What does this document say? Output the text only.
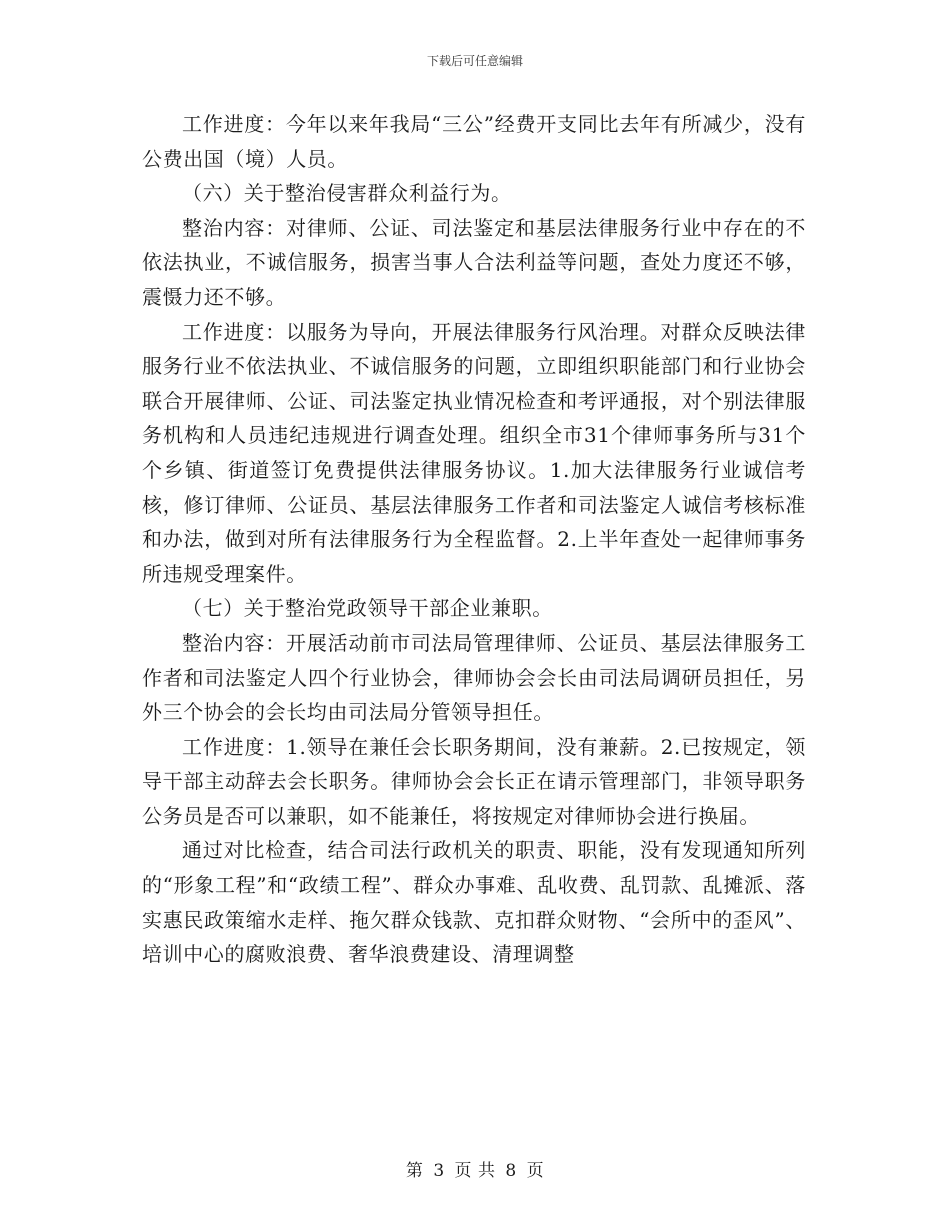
下载后可任意编辑

工作进度：今年以来年我局“三公”经费开支同比去年有所减少，没有公费出国（境）人员。

（六）关于整治侵害群众利益行为。

整治内容：对律师、公证、司法鉴定和基层法律服务行业中存在的不依法执业，不诚信服务，损害当事人合法利益等问题，查处力度还不够，震慑力还不够。

工作进度：以服务为导向，开展法律服务行风治理。对群众反映法律服务行业不依法执业、不诚信服务的问题，立即组织职能部门和行业协会联合开展律师、公证、司法鉴定执业情况检查和考评通报，对个别法律服务机构和人员违纪违规进行调查处理。组织全市31个律师事务所与31个个乡镇、街道签订免费提供法律服务协议。1.加大法律服务行业诚信考核，修订律师、公证员、基层法律服务工作者和司法鉴定人诚信考核标准和办法，做到对所有法律服务行为全程监督。2.上半年查处一起律师事务所违规受理案件。

（七）关于整治党政领导干部企业兼职。

整治内容：开展活动前市司法局管理律师、公证员、基层法律服务工作者和司法鉴定人四个行业协会，律师协会会长由司法局调研员担任，另外三个协会的会长均由司法局分管领导担任。

工作进度：1.领导在兼任会长职务期间，没有兼薪。2.已按规定，领导干部主动辞去会长职务。律师协会会长正在请示管理部门，非领导职务公务员是否可以兼职，如不能兼任，将按规定对律师协会进行换届。

通过对比检查，结合司法行政机关的职责、职能，没有发现通知所列的“形象工程”和“政绩工程”、群众办事难、乱收费、乱罚款、乱摊派、落实惠民政策缩水走样、拖欠群众钱款、克扣群众财物、“会所中的歪风”、培训中心的腐败浪费、奢华浪费建设、清理调整

第 3 页 共 8 页
